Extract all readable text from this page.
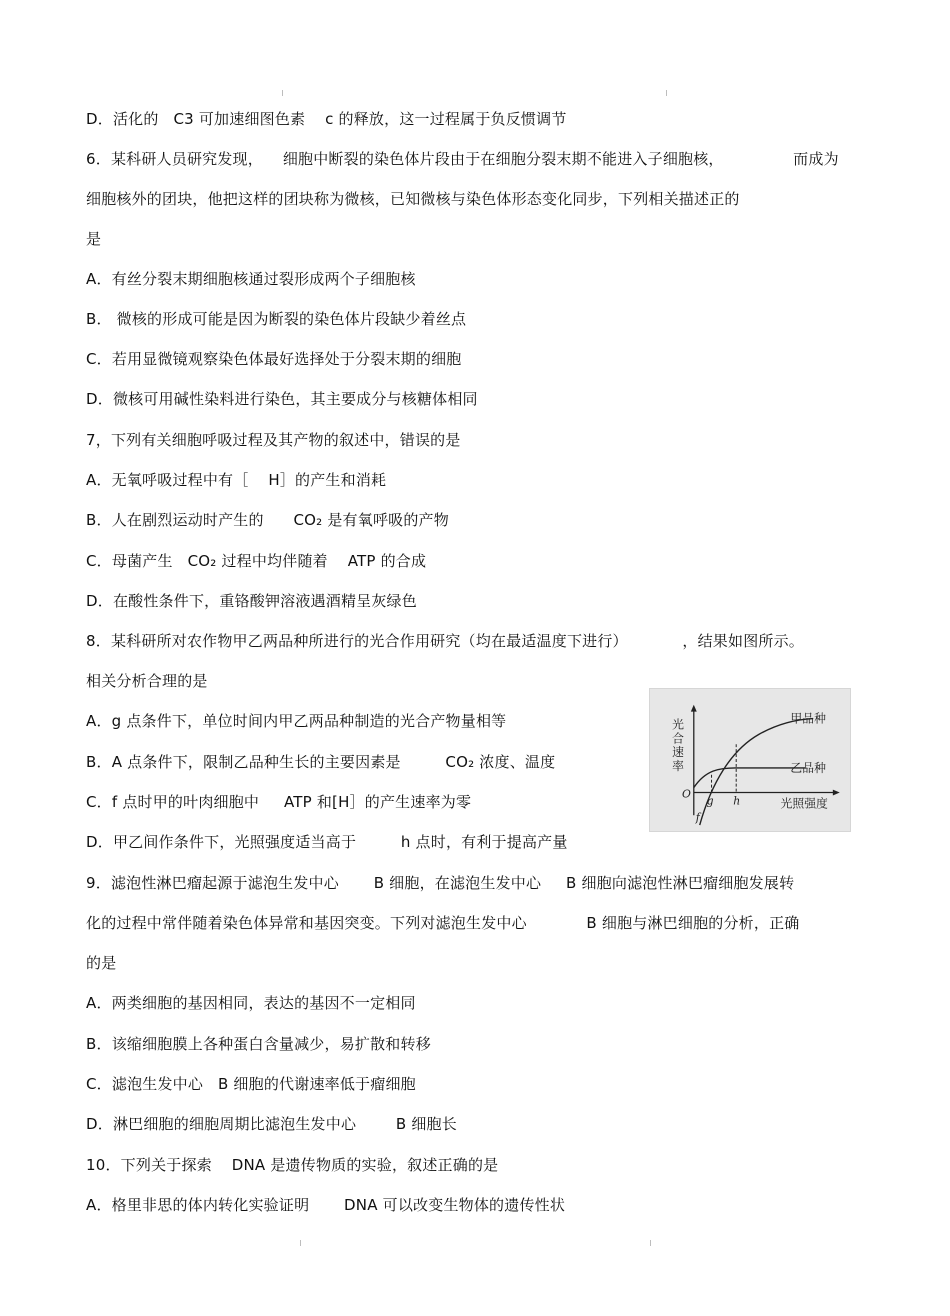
D．活化的   C3 可加速细图色素    c 的释放，这一过程属于负反惯调节
6．某科研人员研究发现，    细胞中断裂的染色体片段由于在细胞分裂末期不能进入子细胞核，              而成为
细胞核外的团块，他把这样的团块称为微核，已知微核与染色体形态变化同步，下列相关描述正的
是
A．有丝分裂末期细胞核通过裂形成两个子细胞核
B． 微核的形成可能是因为断裂的染色体片段缺少着丝点
C．若用显微镜观察染色体最好选择处于分裂末期的细胞
D．微核可用碱性染料进行染色，其主要成分与核糖体相同
7，下列有关细胞呼吸过程及其产物的叙述中，错误的是
A．无氧呼吸过程中有［    H］的产生和消耗
B．人在剧烈运动时产生的      CO₂ 是有氧呼吸的产物
C．母菌产生   CO₂ 过程中均伴随着    ATP 的合成
D．在酸性条件下，重铬酸钾溶液遇酒精呈灰绿色
8．某科研所对农作物甲乙两品种所进行的光合作用研究（均在最适温度下进行）           ，结果如图所示。
相关分析合理的是
A．g 点条件下，单位时间内甲乙两品种制造的光合产物量相等
B．A 点条件下，限制乙品种生长的主要因素是         CO₂ 浓度、温度
C．f 点时甲的叶肉细胞中     ATP 和[H］的产生速率为零
D．甲乙间作条件下，光照强度适当高于         h 点时，有利于提高产量
9．滤泡性淋巴瘤起源于滤泡生发中心       B 细胞，在滤泡生发中心     B 细胞向滤泡性淋巴瘤细胞发展转
化的过程中常伴随着染色体异常和基因突变。下列对滤泡生发中心            B 细胞与淋巴细胞的分析，正确
的是
A．两类细胞的基因相同，表达的基因不一定相同
B．该缩细胞膜上各种蛋白含量减少，易扩散和转移
C．滤泡生发中心   B 细胞的代谢速率低于瘤细胞
D．淋巴细胞的细胞周期比滤泡生发中心        B 细胞长
10．下列关于探索    DNA 是遗传物质的实验，叙述正确的是
A．格里非思的体内转化实验证明       DNA 可以改变生物体的遗传性状
光 合 速 率
甲品种
乙品种
光照强度
O
f
g h
